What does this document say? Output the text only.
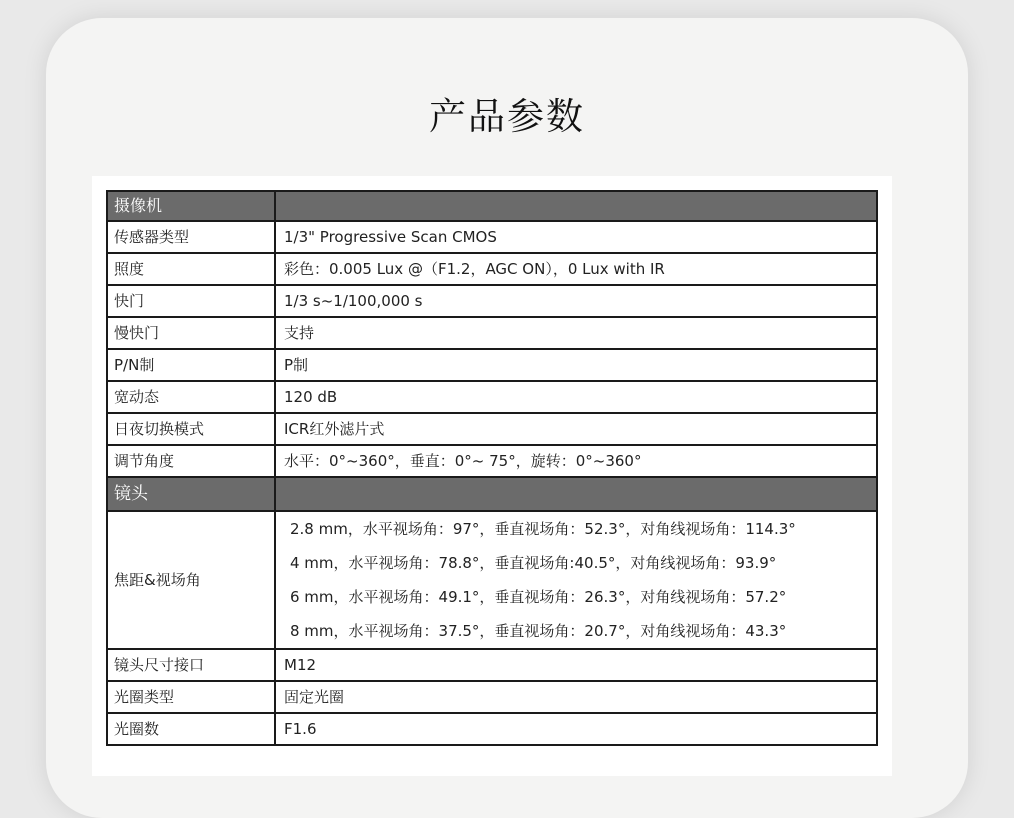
产品参数
摄像机	
传感器类型	1/3" Progressive Scan CMOS
照度	彩色：0.005 Lux @（F1.2，AGC ON），0 Lux with IR
快门	1/3 s~1/100,000 s
慢快门	支持
P/N制	P制
宽动态	120 dB
日夜切换模式	ICR红外滤片式
调节角度	水平：0°~360°，垂直：0°~ 75°，旋转：0°~360°
镜头	
焦距&视场角	2.8 mm，水平视场角：97°，垂直视场角：52.3°，对角线视场角：114.3°
4 mm，水平视场角：78.8°，垂直视场角:40.5°，对角线视场角：93.9°
6 mm，水平视场角：49.1°，垂直视场角：26.3°，对角线视场角：57.2°
8 mm，水平视场角：37.5°，垂直视场角：20.7°，对角线视场角：43.3°

镜头尺寸接口	M12
光圈类型	固定光圈
光圈数	F1.6
